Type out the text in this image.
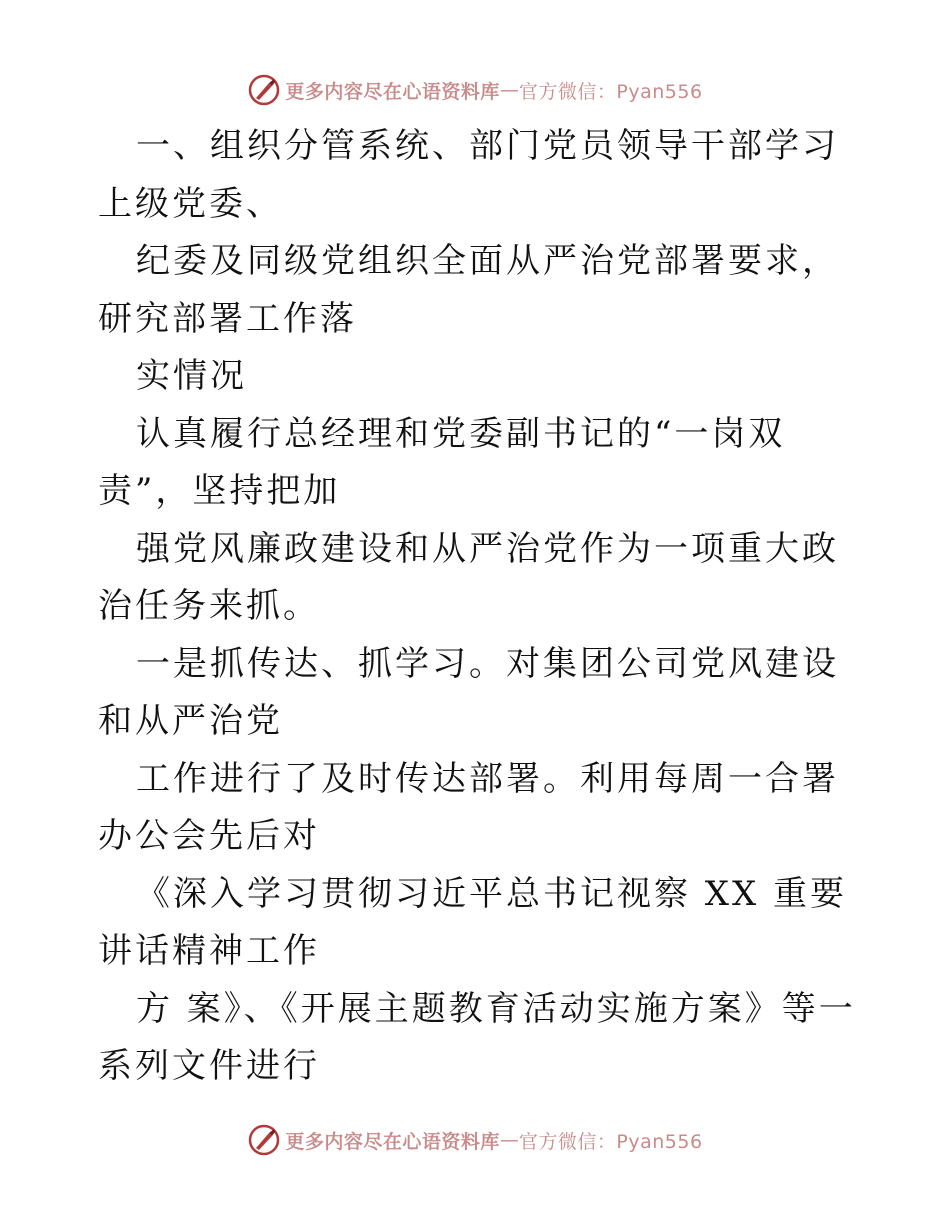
更多内容尽在心语资料库 — 官方微信：Pyan556

一、组织分管系统、部门党员领导干部学习上级党委、

纪委及同级党组织全面从严治党部署要求，研究部署工作落

实情况

认真履行总经理和党委副书记的“一岗双责”，坚持把加

强党风廉政建设和从严治党作为一项重大政治任务来抓。

一是抓传达、抓学习。对集团公司党风建设和从严治党

工作进行了及时传达部署。利用每周一合署办公会先后对

《深入学习贯彻习近平总书记视察 XX 重要讲话精神工作

方 案》、《开展主题教育活动实施方案》等一系列文件进行

更多内容尽在心语资料库 — 官方微信：Pyan556
